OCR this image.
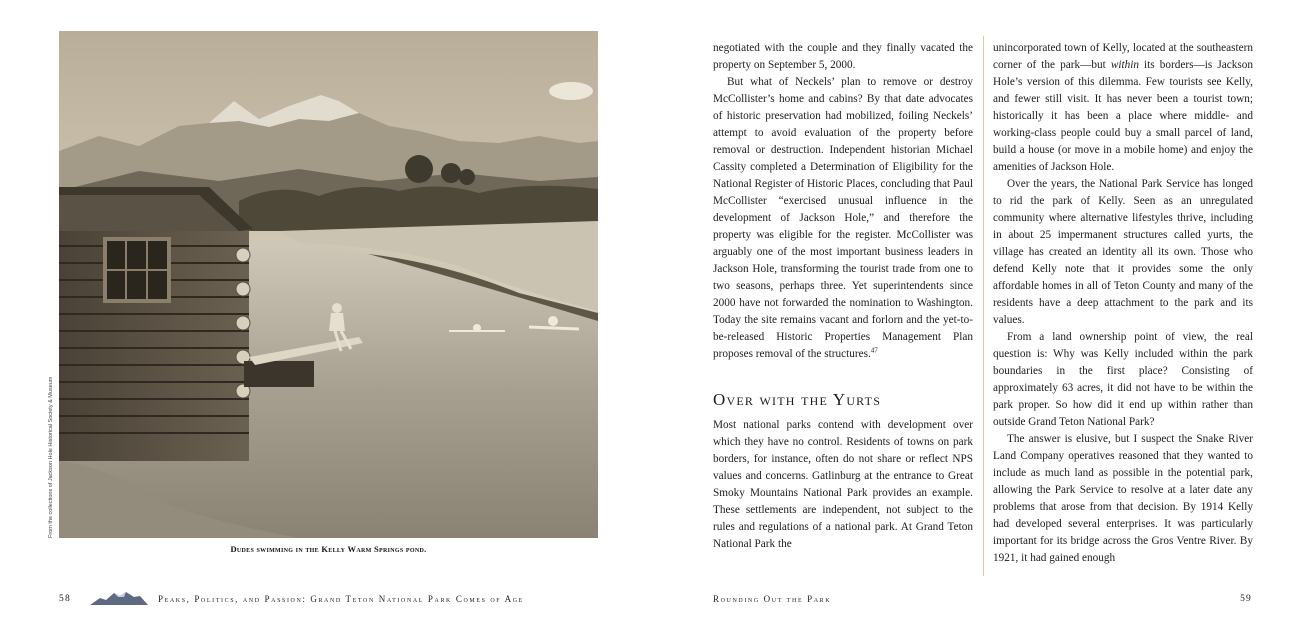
From the collections of Jackson Hole Historical Society & Museum
Dudes swimming in the Kelly Warm Springs pond.
58	Peaks, Politics, and Passion: Grand Teton National Park Comes of Age

negotiated with the couple and they finally vacated the property on September 5, 2000.

But what of Neckels’ plan to remove or destroy McCollister’s home and cabins? By that date advocates of historic preservation had mobilized, foiling Neckels’ attempt to avoid evaluation of the property before removal or destruction. Independent historian Michael Cassity completed a Determination of Eligibility for the National Register of Historic Places, concluding that Paul McCollister “exercised unusual influence in the development of Jackson Hole,” and therefore the property was eligible for the register. McCollister was arguably one of the most important business leaders in Jackson Hole, transforming the tourist trade from one to two seasons, perhaps three. Yet superintendents since 2000 have not forwarded the nomination to Washington. Today the site remains vacant and forlorn and the yet-to-be-released Historic Properties Management Plan proposes removal of the structures.$^{47}$

Over with the Yurts

Most national parks contend with development over which they have no control. Residents of towns on park borders, for instance, often do not share or reflect NPS values and concerns. Gatlinburg at the entrance to Great Smoky Mountains National Park provides an example. These settlements are independent, not subject to the rules and regulations of a national park. At Grand Teton National Park the

unincorporated town of Kelly, located at the southeastern corner of the park—but within its borders—is Jackson Hole’s version of this dilemma. Few tourists see Kelly, and fewer still visit. It has never been a tourist town; historically it has been a place where middle- and working-class people could buy a small parcel of land, build a house (or move in a mobile home) and enjoy the amenities of Jackson Hole.

Over the years, the National Park Service has longed to rid the park of Kelly. Seen as an unregulated community where alternative lifestyles thrive, including in about 25 impermanent structures called yurts, the village has created an identity all its own. Those who defend Kelly note that it provides some the only affordable homes in all of Teton County and many of the residents have a deep attachment to the park and its values.

From a land ownership point of view, the real question is: Why was Kelly included within the park boundaries in the first place? Consisting of approximately 63 acres, it did not have to be within the park proper. So how did it end up within rather than outside Grand Teton National Park?

The answer is elusive, but I suspect the Snake River Land Company operatives reasoned that they wanted to include as much land as possible in the potential park, allowing the Park Service to resolve at a later date any problems that arose from that decision. By 1914 Kelly had developed several enterprises. It was particularly important for its bridge across the Gros Ventre River. By 1921, it had gained enough

Rounding Out the Park	59
